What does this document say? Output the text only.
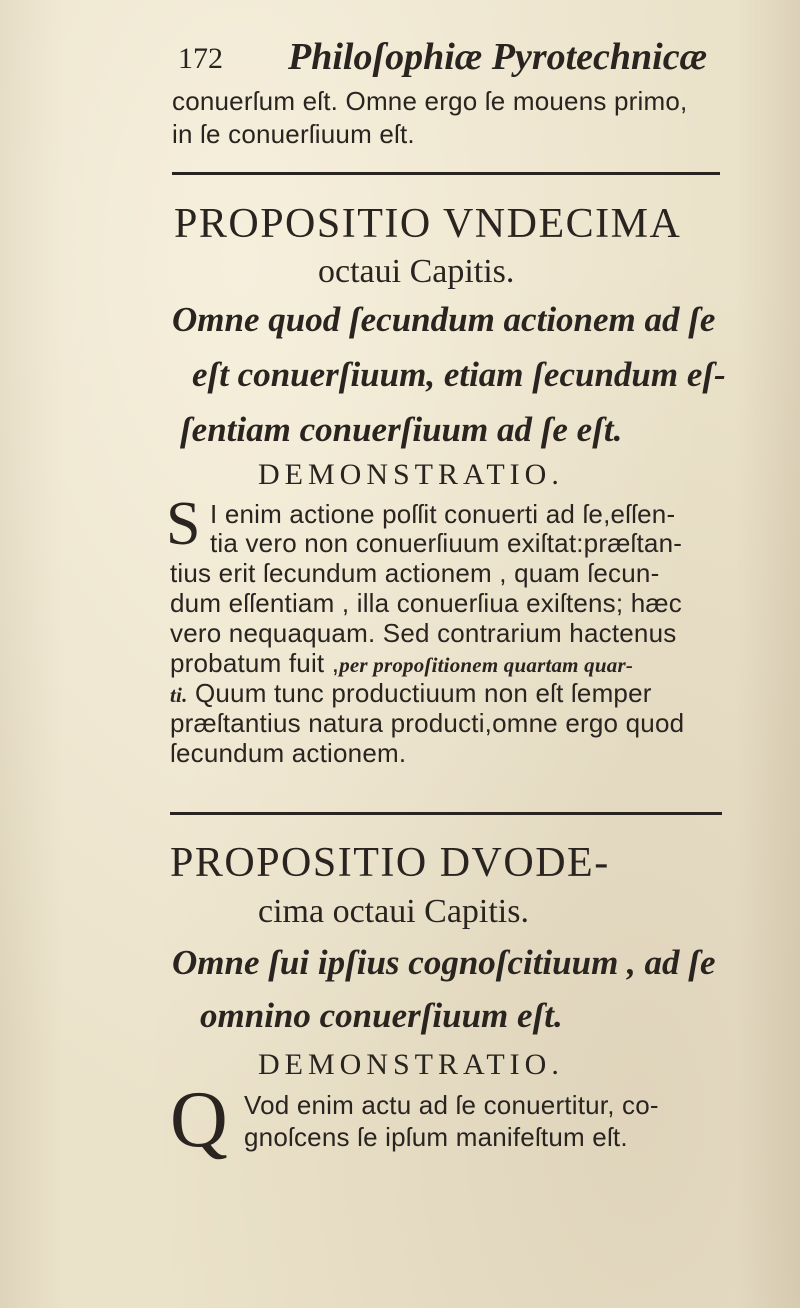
172 Philoſophiæ Pyrotechnicæ
conuerſum eſt. Omne ergo ſe mouens primo,
in ſe conuerſiuum eſt.
PROPOSITIO VNDECIMA
octaui Capitis.
Omne quod ſecundum actionem ad ſe
eſt conuerſiuum, etiam ſecundum eſ-
ſentiam conuerſiuum ad ſe eſt.
DEMONSTRATIO.
S I enim actione poſſit conuerti ad ſe,eſſen-
tia vero non conuerſiuum exiſtat:præſtan-
tius erit ſecundum actionem , quam ſecun-
dum eſſentiam , illa conuerſiua exiſtens; hæc
vero nequaquam. Sed contrarium hactenus
probatum fuit ,per propoſitionem quartam quar-
ti. Quum tunc productiuum non eſt ſemper
præſtantius natura producti,omne ergo quod
ſecundum actionem.
PROPOSITIO DVODE-
cima octaui Capitis.
Omne ſui ipſius cognoſcitiuum , ad ſe
omnino conuerſiuum eſt.
DEMONSTRATIO.
Q Vod enim actu ad ſe conuertitur, co-
gnoſcens ſe ipſum manifeſtum eſt.
